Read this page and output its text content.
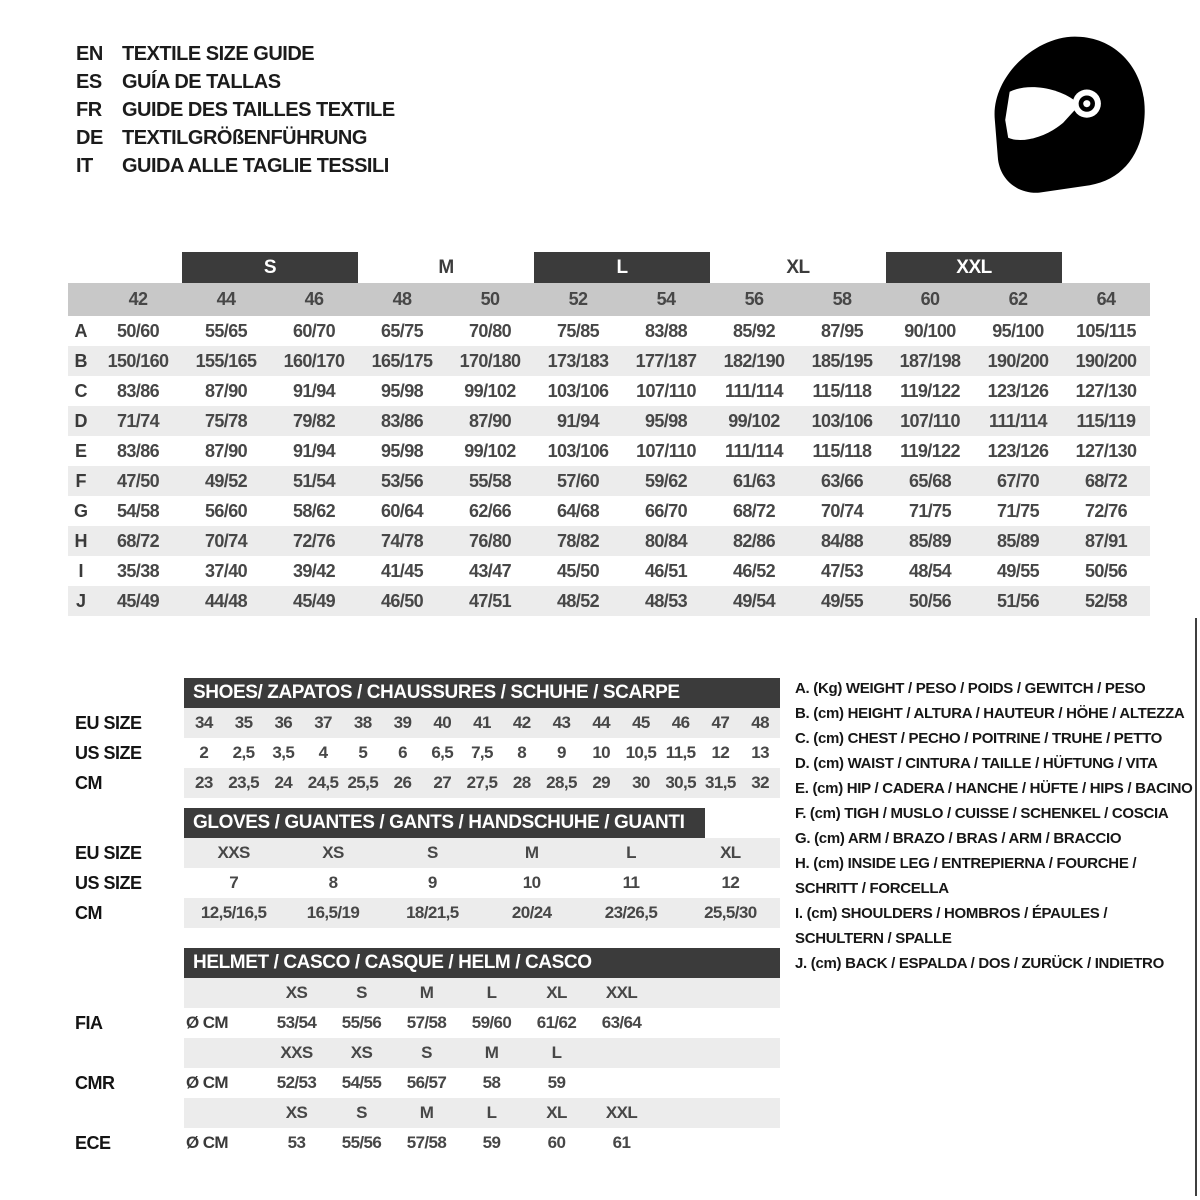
EN TEXTILE SIZE GUIDE
ES	GUÍA DE TALLAS
FR	GUIDE DES TAILLES TEXTILE
DE TEXTILGRÖßENFÜHRUNG
IT	GUIDA ALLE TAGLIE TESSILI
S	M	L	XL	XXL
42	44	46	48	50	52	54	56	58	60	62	64
A	50/60	55/65	60/70	65/75	70/80	75/85	83/88	85/92	87/95	90/100	95/100	105/115
B	150/160	155/165	160/170	165/175	170/180	173/183	177/187	182/190	185/195	187/198	190/200	190/200
C	83/86	87/90	91/94	95/98	99/102	103/106	107/110	111/114	115/118	119/122	123/126	127/130
D	71/74	75/78	79/82	83/86	87/90	91/94	95/98	99/102	103/106	107/110	111/114	115/119
E	83/86	87/90	91/94	95/98	99/102	103/106	107/110	111/114	115/118	119/122	123/126	127/130
F	47/50	49/52	51/54	53/56	55/58	57/60	59/62	61/63	63/66	65/68	67/70	68/72
G	54/58	56/60	58/62	60/64	62/66	64/68	66/70	68/72	70/74	71/75	71/75	72/76
H	68/72	70/74	72/76	74/78	76/80	78/82	80/84	82/86	84/88	85/89	85/89	87/91
I	35/38	37/40	39/42	41/45	43/47	45/50	46/51	46/52	47/53	48/54	49/55	50/56
J	45/49	44/48	45/49	46/50	47/51	48/52	48/53	49/54	49/55	50/56	51/56	52/58
SHOES/ ZAPATOS / CHAUSSURES / SCHUHE / SCARPE
EU SIZE	34	35	36	37	38	39	40	41	42	43	44	45	46	47	48
US SIZE	2	2,5	3,5	4	5	6	6,5	7,5	8	9	10 10,5 11,5 12	13
CM	23 23,5 24 24,5 25,5 26	27 27,5 28 28,5 29	30 30,5 31,5 32
GLOVES / GUANTES / GANTS / HANDSCHUHE / GUANTI
EU SIZE	XXS	XS	S	M	L	XL
US SIZE	7	8	9	10	11	12
CM	12,5/16,5	16,5/19	18/21,5	20/24	23/26,5	25,5/30
HELMET / CASCO / CASQUE / HELM / CASCO
XS	S	M	L	XL	XXL
FIA	Ø CM	53/54	55/56	57/58	59/60	61/62	63/64
XXS	XS	S	M	L
CMR	Ø CM	52/53	54/55	56/57	58	59
XS	S	M	L	XL	XXL
ECE	Ø CM	53	55/56	57/58	59	60	61
A. (Kg) WEIGHT / PESO / POIDS / GEWITCH / PESO
B. (cm) HEIGHT / ALTURA / HAUTEUR / HÖHE / ALTEZZA
C. (cm) CHEST / PECHO / POITRINE / TRUHE / PETTO
D. (cm) WAIST / CINTURA / TAILLE / HÜFTUNG / VITA
E. (cm) HIP / CADERA / HANCHE / HÜFTE / HIPS / BACINO
F. (cm) TIGH / MUSLO / CUISSE / SCHENKEL / COSCIA
G. (cm) ARM / BRAZO / BRAS / ARM / BRACCIO
H. (cm) INSIDE LEG / ENTREPIERNA / FOURCHE / SCHRITT / FORCELLA
I. (cm) SHOULDERS / HOMBROS / ÉPAULES / SCHULTERN / SPALLE
J. (cm) BACK / ESPALDA / DOS / ZURÜCK / INDIETRO
